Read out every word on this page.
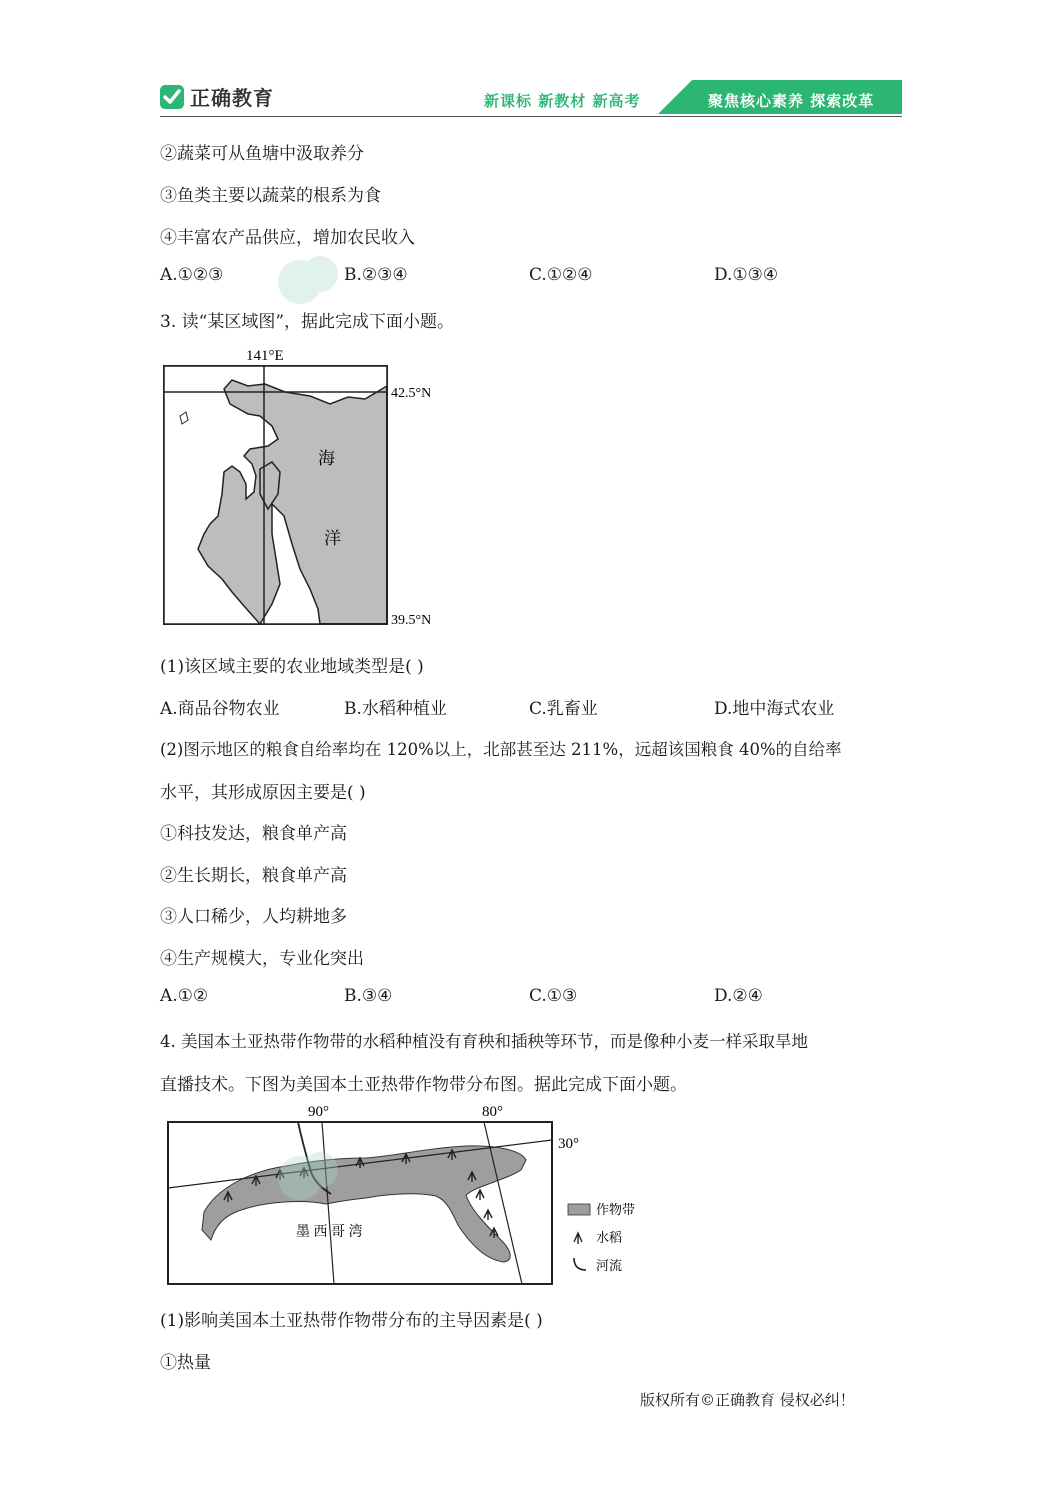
正确教育	新课标 新教材 新高考	聚焦核心素养 探索改革
②蔬菜可从鱼塘中汲取养分
③鱼类主要以蔬菜的根系为食
④丰富农产品供应，增加农民收入
A.①②③	B.②③④	C.①②④	D.①③④
3. 读“某区域图”，据此完成下面小题。
141°E
42.5°N
39.5°N
海
洋
(1)该区域主要的农业地域类型是( )
A.商品谷物农业	B.水稻种植业	C.乳畜业	D.地中海式农业
(2)图示地区的粮食自给率均在 120%以上，北部甚至达 211%，远超该国粮食 40%的自给率
水平，其形成原因主要是( )
①科技发达，粮食单产高
②生长期长，粮食单产高
③人口稀少，人均耕地多
④生产规模大，专业化突出
A.①②	B.③④	C.①③	D.②④
4. 美国本土亚热带作物带的水稻种植没有育秧和插秧等环节，而是像种小麦一样采取旱地
直播技术。下图为美国本土亚热带作物带分布图。据此完成下面小题。
90°	80°
30°
墨 西 哥 湾
作物带
水稻
河流
(1)影响美国本土亚热带作物带分布的主导因素是( )
①热量
版权所有©正确教育 侵权必纠！
